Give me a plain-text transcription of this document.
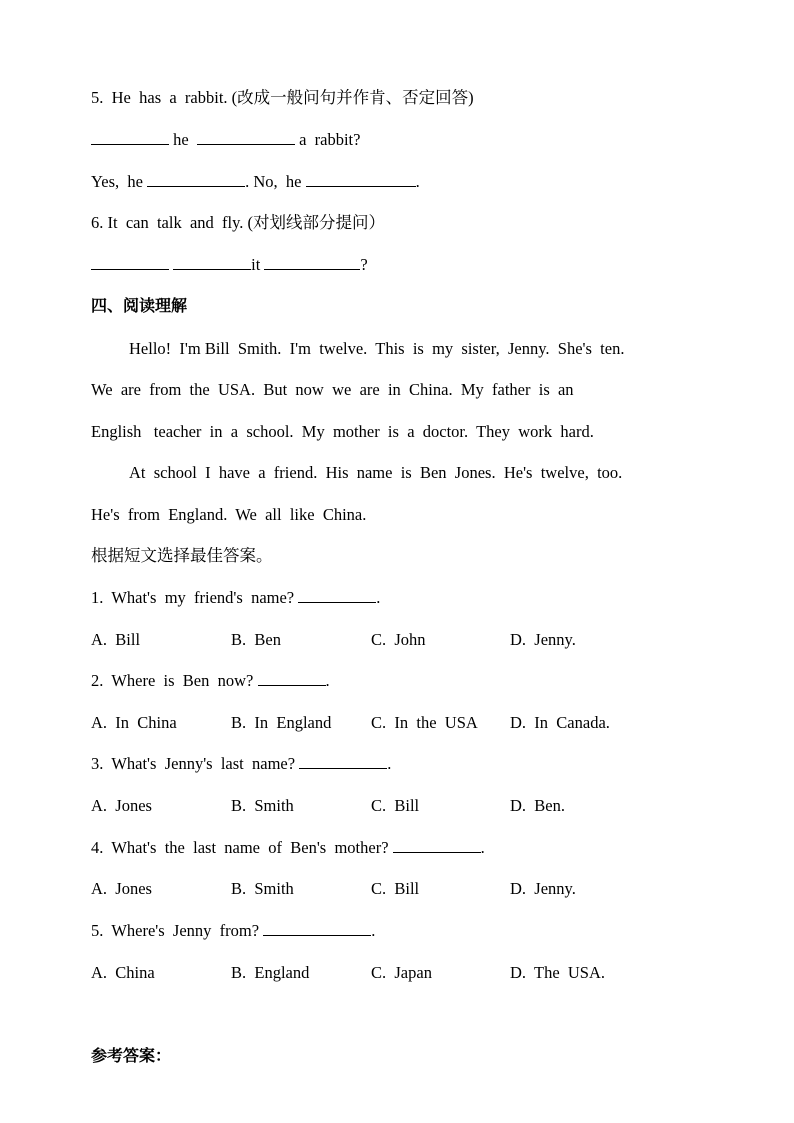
5.  He  has  a  rabbit. (改成一般问句并作肯、否定回答)
he	a  rabbit?
Yes,  he	. No,  he	.
6. It  can  talk  and  fly. (对划线部分提问）
it	?
四、阅读理解
Hello!  I'm Bill  Smith.  I'm  twelve.  This  is  my  sister,  Jenny.  She's  ten.
We  are  from  the  USA.  But  now  we  are  in  China.  My  father  is  an
English   teacher  in  a  school.  My  mother  is  a  doctor.  They  work  hard.
At  school  I  have  a  friend.  His  name  is  Ben  Jones.  He's  twelve,  too.
He's  from  England.  We  all  like  China.
根据短文选择最佳答案。
1.  What's  my  friend's  name?	.
A.  Bill	B.  Ben	C.  John	D.  Jenny.
2.  Where  is  Ben  now?	.
A.  In  China	B.  In  England C.  In  the  USA D.  In  Canada.
3.  What's  Jenny's  last  name?	.
A.  Jones	B.  Smith	C.  Bill	D.  Ben.
4.  What's  the  last  name  of  Ben's  mother?	.
A.  Jones	B.  Smith	C.  Bill	D.  Jenny.
5.  Where's  Jenny  from?	.
A.  China	B.  England	C.  Japan	D.  The  USA.
参考答案：
